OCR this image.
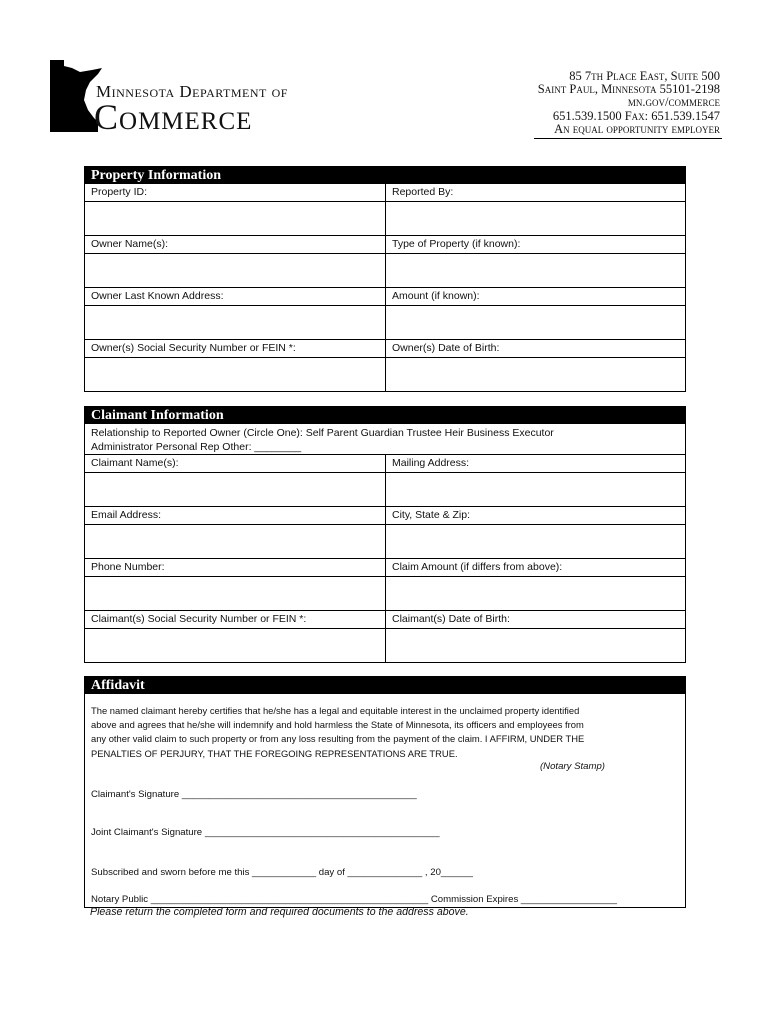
Minnesota Department of
Commerce
85 7th Place East, Suite 500
Saint Paul, Minnesota 55101-2198
mn.gov/commerce
651.539.1500 Fax: 651.539.1547
An equal opportunity employer
Property Information
Property ID:	Reported By:
Owner Name(s):	Type of Property (if known):
Owner Last Known Address:	Amount (if known):
Owner(s) Social Security Number or FEIN *:	Owner(s) Date of Birth:
Claimant Information
Relationship to Reported Owner (Circle One): Self Parent Guardian Trustee Heir Business Executor
Administrator Personal Rep Other: ________
Claimant Name(s):	Mailing Address:
Email Address:	City, State & Zip:
Phone Number:	Claim Amount (if differs from above):
Claimant(s) Social Security Number or FEIN *:	Claimant(s) Date of Birth:
Affidavit
The named claimant hereby certifies that he/she has a legal and equitable interest in the unclaimed property identified
above and agrees that he/she will indemnify and hold harmless the State of Minnesota, its officers and employees from
any other valid claim to such property or from any loss resulting from the payment of the claim. I AFFIRM, UNDER THE
PENALTIES OF PERJURY, THAT THE FOREGOING REPRESENTATIONS ARE TRUE.
(Notary Stamp)
Claimant's Signature ____________________________________________
Joint Claimant's Signature ____________________________________________
Subscribed and sworn before me this ____________ day of ______________ , 20______
Notary Public ____________________________________________________ Commission Expires __________________
Please return the completed form and required documents to the address above.
